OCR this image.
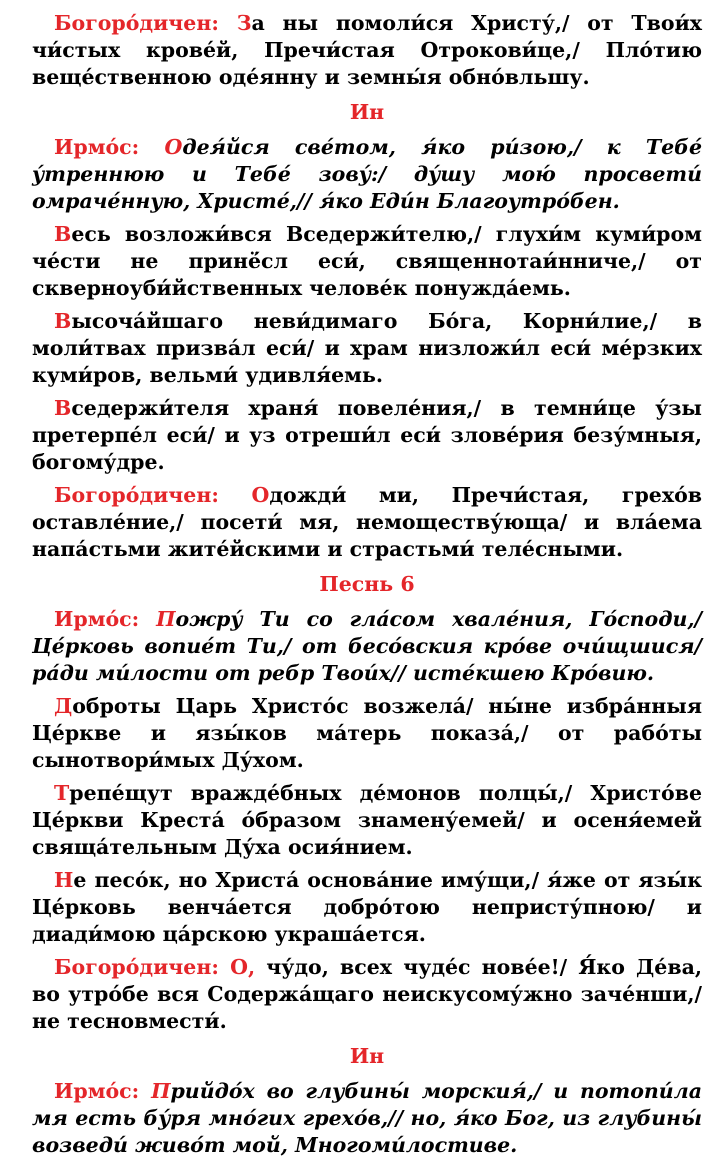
Богоро́дичен: За ны помоли́ся Христу́,/ от Твои́х чи́стых крове́й, Пречи́стая Отрокови́це,/ Пло́тию веще́ственною оде́янну и земны́я обно́вльшу.

Ин

Ирмо́с: Одея́йся све́том, я́ко ри́зою,/ к Тебе́ у́треннюю и Тебе́ зову́:/ ду́шу мою́ просвети́ омраче́нную, Христе́,// я́ко Еди́н Благоутро́бен.

Весь возложи́вся Вседержи́телю,/ глухи́м куми́ром че́сти не принё́сл еси́, священнотаи́нниче,/ от скверноуби́йственных челове́к понужда́емь.

Высоча́йшаго неви́димаго Бо́га, Корни́лие,/ в моли́твах призва́л еси́/ и храм низложи́л еси́ ме́рзких куми́ров, вельми́ удивля́емь.

Вседержи́теля храня́ повеле́ния,/ в темни́це у́зы претерпе́л еси́/ и уз отреши́л еси́ злове́рия безу́мныя, богому́дре.

Богоро́дичен: Одожди́ ми, Пречи́стая, грехо́в оставле́ние,/ посети́ мя, немоществу́юща/ и вла́ема напа́стьми жите́йскими и страстьми́ теле́сными.

Песнь 6

Ирмо́с: Пожру́ Ти со гла́сом хвале́ния, Го́споди,/ Це́рковь вопие́т Ти,/ от бесо́вския кро́ве очи́щшися/ ра́ди ми́лости от ребр Твои́х// исте́кшею Кро́вию.

Доброты Царь Христо́с возжела́/ ны́не избра́нныя Це́ркве и язы́ков ма́терь показа́,/ от рабо́ты сынотвори́мых Ду́хом.

Трепе́щут вражде́бных де́монов полцы́,/ Христо́ве Це́ркви Креста́ о́бразом знамену́емей/ и осеня́емей свяща́тельным Ду́ха осия́нием.

Не песо́к, но Христа́ основа́ние иму́щи,/ я́же от язы́к Це́рковь венча́ется добро́тою непристу́пною/ и диади́мою ца́рскою украша́ется.

Богоро́дичен: О, чу́до, всех чуде́с нове́е!/ Я́ко Де́ва, во утро́бе вся Содержа́щаго неискусому́жно заче́нши,/ не тесновмести́.

Ин

Ирмо́с: Прийдо́х во глубины́ морския́,/ и потопи́ла мя есть бу́ря мно́гих грехо́в,// но, я́ко Бог, из глубины́ возведи́ живо́т мой, Многоми́лостиве.
